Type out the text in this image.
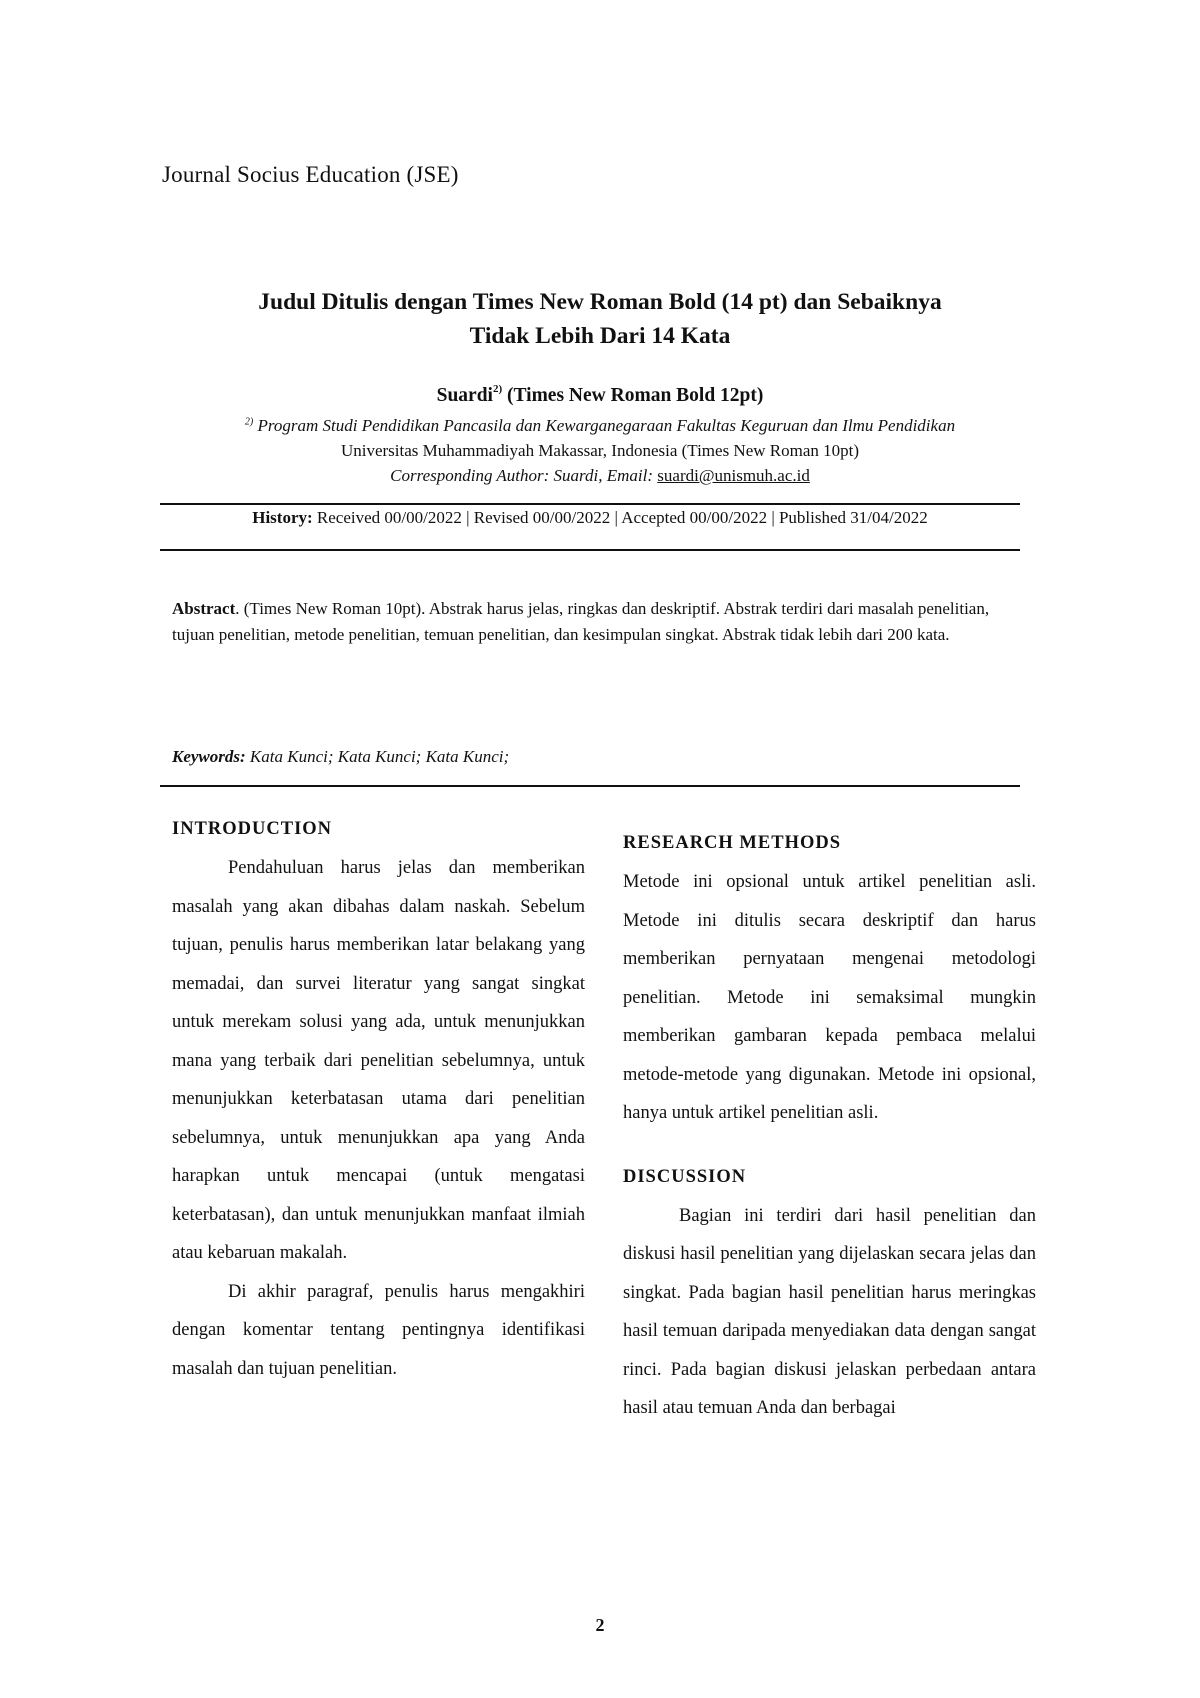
Journal Socius Education (JSE)
Judul Ditulis dengan Times New Roman Bold (14 pt) dan Sebaiknya
Tidak Lebih Dari 14 Kata
Suardi$^{2)}$ (Times New Roman Bold 12pt)
$^{2)}$ Program Studi Pendidikan Pancasila dan Kewarganegaraan Fakultas Keguruan dan Ilmu Pendidikan
Universitas Muhammadiyah Makassar, Indonesia (Times New Roman 10pt)
Corresponding Author: Suardi, Email: suardi@unismuh.ac.id
History: Received 00/00/2022 | Revised 00/00/2022 | Accepted 00/00/2022 | Published 31/04/2022
Abstract. (Times New Roman 10pt). Abstrak harus jelas, ringkas dan deskriptif. Abstrak terdiri dari masalah penelitian, tujuan penelitian, metode penelitian, temuan penelitian, dan kesimpulan singkat. Abstrak tidak lebih dari 200 kata.
Keywords: Kata Kunci; Kata Kunci; Kata Kunci;
INTRODUCTION

Pendahuluan harus jelas dan memberikan masalah yang akan dibahas dalam naskah. Sebelum tujuan, penulis harus memberikan latar belakang yang memadai, dan survei literatur yang sangat singkat untuk merekam solusi yang ada, untuk menunjukkan mana yang terbaik dari penelitian sebelumnya, untuk menunjukkan keterbatasan utama dari penelitian sebelumnya, untuk menunjukkan apa yang Anda harapkan untuk mencapai (untuk mengatasi keterbatasan), dan untuk menunjukkan manfaat ilmiah atau kebaruan makalah.

Di akhir paragraf, penulis harus mengakhiri dengan komentar tentang pentingnya identifikasi masalah dan tujuan penelitian.

RESEARCH METHODS

Metode ini opsional untuk artikel penelitian asli. Metode ini ditulis secara deskriptif dan harus memberikan pernyataan mengenai metodologi penelitian. Metode ini semaksimal mungkin memberikan gambaran kepada pembaca melalui metode-metode yang digunakan. Metode ini opsional, hanya untuk artikel penelitian asli.

DISCUSSION

Bagian ini terdiri dari hasil penelitian dan diskusi hasil penelitian yang dijelaskan secara jelas dan singkat. Pada bagian hasil penelitian harus meringkas hasil temuan daripada menyediakan data dengan sangat rinci. Pada bagian diskusi jelaskan perbedaan antara hasil atau temuan Anda dan berbagai

2
